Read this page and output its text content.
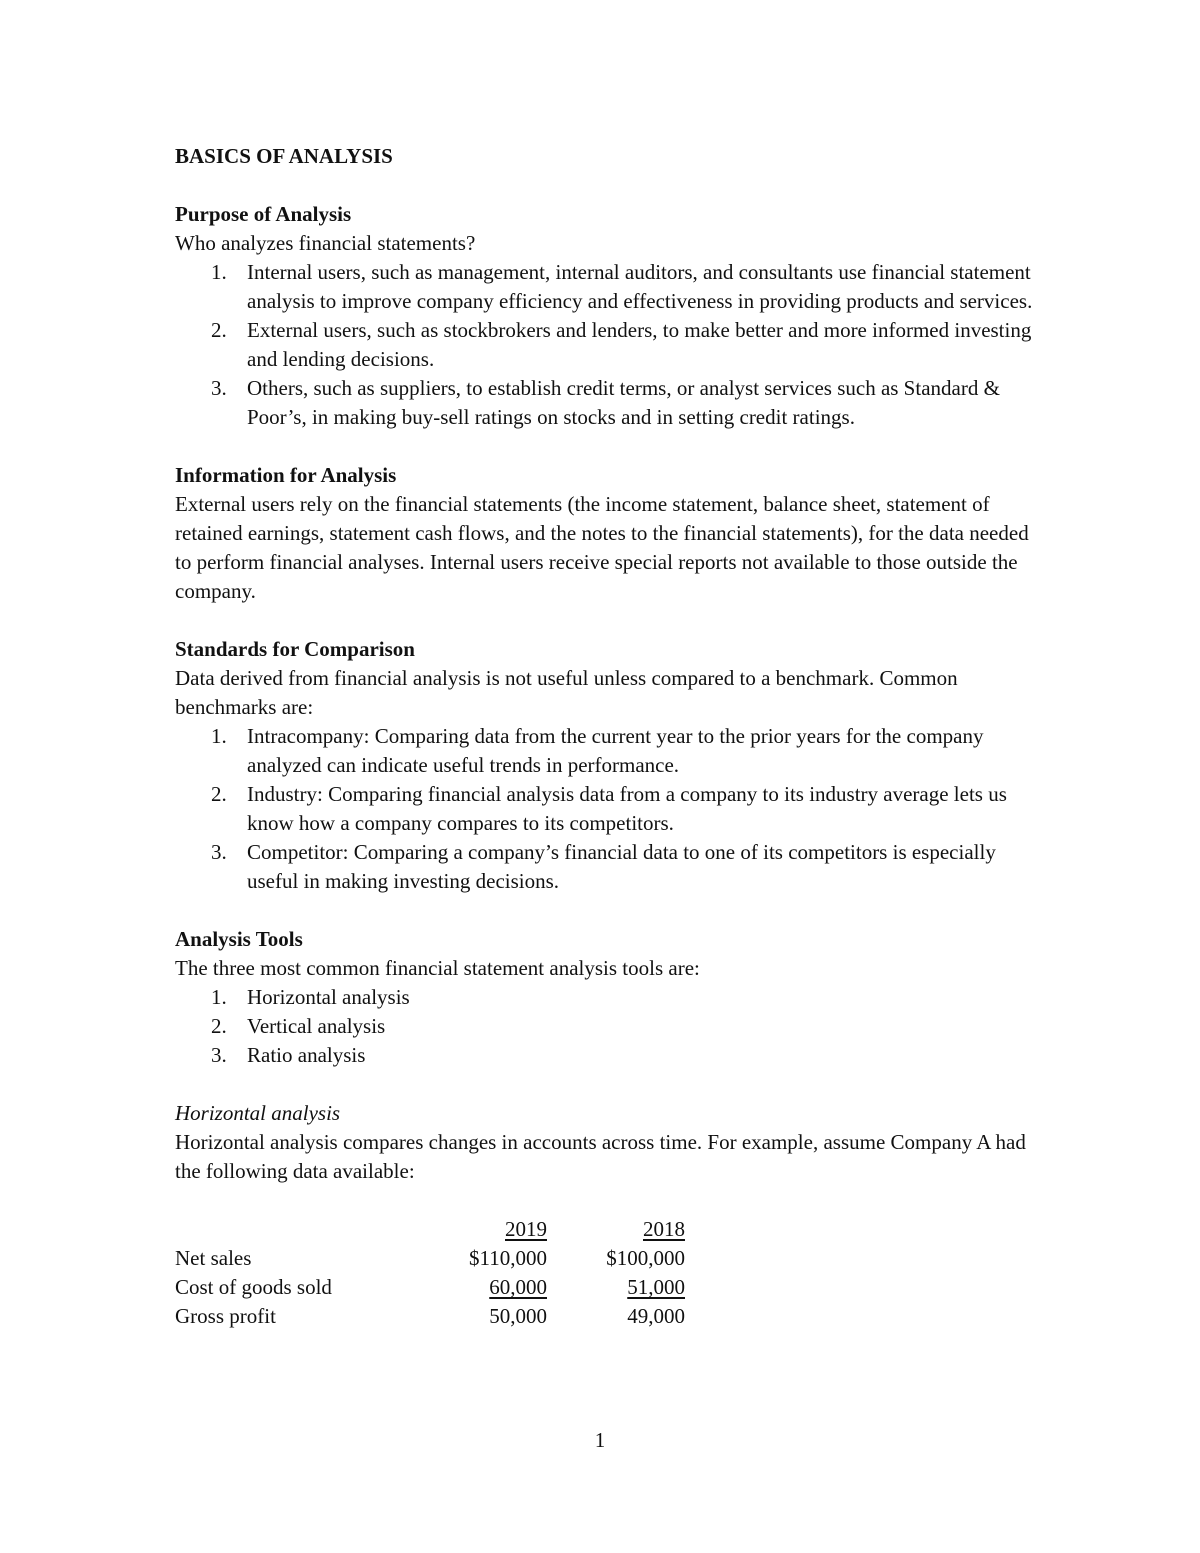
BASICS OF ANALYSIS

Purpose of Analysis

Who analyzes financial statements?

1. Internal users, such as management, internal auditors, and consultants use financial statement analysis to improve company efficiency and effectiveness in providing products and services.
2. External users, such as stockbrokers and lenders, to make better and more informed investing and lending decisions.
3. Others, such as suppliers, to establish credit terms, or analyst services such as Standard & Poor’s, in making buy-sell ratings on stocks and in setting credit ratings.

Information for Analysis

External users rely on the financial statements (the income statement, balance sheet, statement of retained earnings, statement cash flows, and the notes to the financial statements), for the data needed to perform financial analyses. Internal users receive special reports not available to those outside the company.

Standards for Comparison

Data derived from financial analysis is not useful unless compared to a benchmark. Common benchmarks are:

1. Intracompany: Comparing data from the current year to the prior years for the company analyzed can indicate useful trends in performance.
2. Industry: Comparing financial analysis data from a company to its industry average lets us know how a company compares to its competitors.
3. Competitor: Comparing a company’s financial data to one of its competitors is especially useful in making investing decisions.

Analysis Tools

The three most common financial statement analysis tools are:

1. Horizontal analysis
2. Vertical analysis
3. Ratio analysis

Horizontal analysis

Horizontal analysis compares changes in accounts across time. For example, assume Company A had the following data available:

	2019	2018
Net sales	$110,000	$100,000
Cost of goods sold	60,000	51,000
Gross profit	50,000	49,000
1
